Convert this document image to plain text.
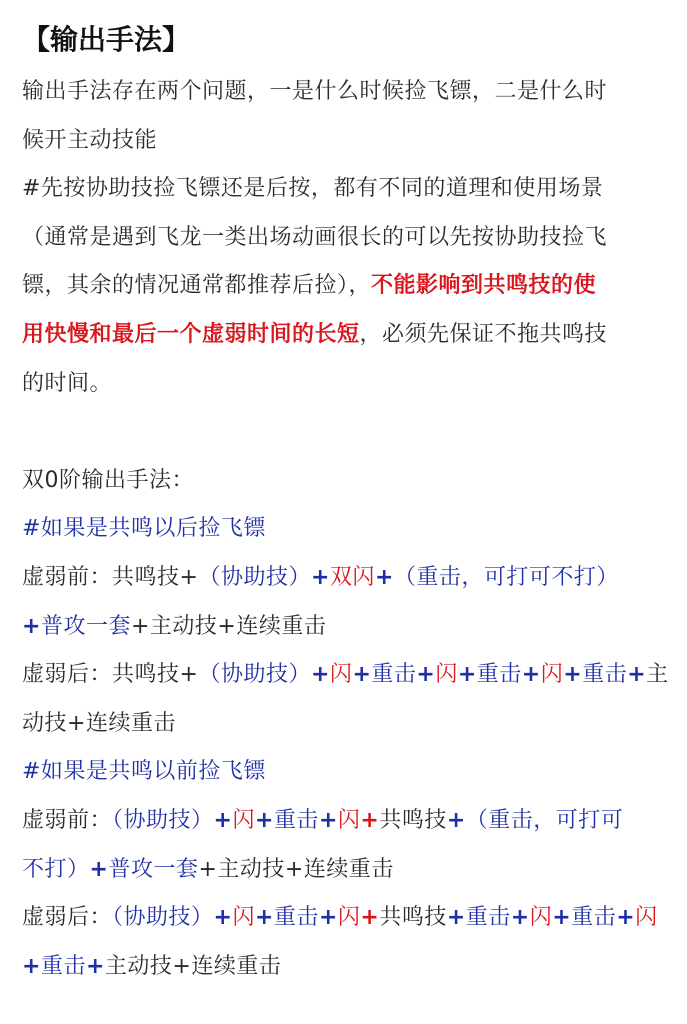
【输出手法】
输出手法存在两个问题，一是什么时候捡飞镖，二是什么时
候开主动技能
#先按协助技捡飞镖还是后按，都有不同的道理和使用场景
（通常是遇到飞龙一类出场动画很长的可以先按协助技捡飞
镖，其余的情况通常都推荐后捡），不能影响到共鸣技的使
用快慢和最后一个虚弱时间的长短，必须先保证不拖共鸣技
的时间。
双0阶输出手法：
#如果是共鸣以后捡飞镖
虚弱前：共鸣技+（协助技）+双闪+（重击，可打可不打）
+普攻一套+主动技+连续重击
虚弱后：共鸣技+（协助技）+闪+重击+闪+重击+闪+重击+主
动技+连续重击
#如果是共鸣以前捡飞镖
虚弱前：（协助技）+闪+重击+闪+共鸣技+（重击，可打可
不打）+普攻一套+主动技+连续重击
虚弱后：（协助技）+闪+重击+闪+共鸣技+重击+闪+重击+闪
+重击+主动技+连续重击
